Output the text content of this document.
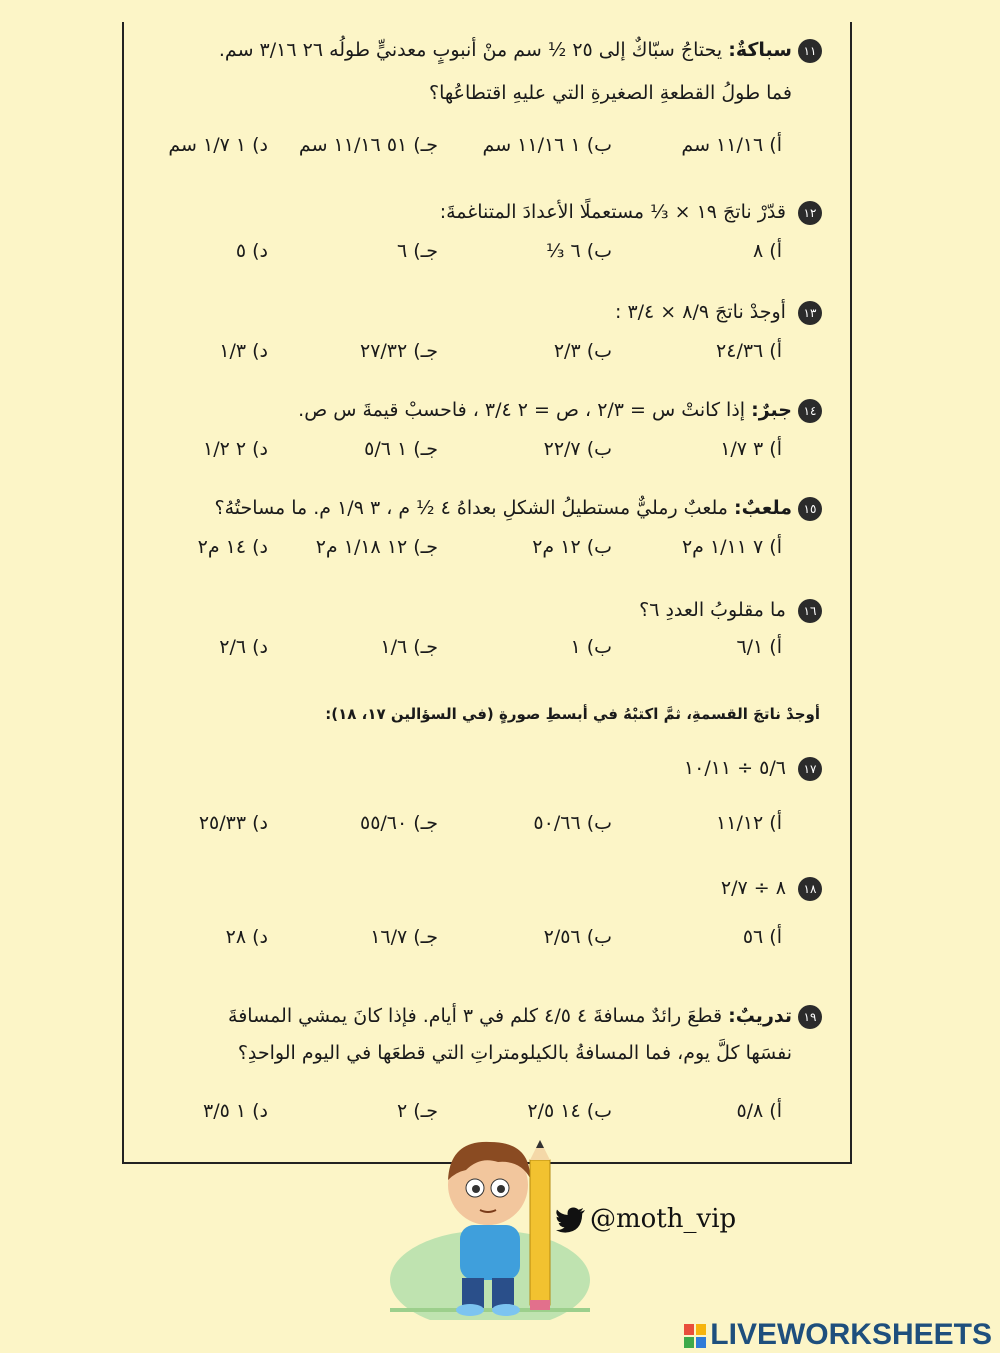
١١سباكةٌ: يحتاجُ سبّاكٌ إلى ٢٥ ½ سم منْ أنبوبٍ معدنيٍّ طولُه ٢٦ ٣/١٦ سم.
فما طولُ القطعةِ الصغيرةِ التي عليهِ اقتطاعُها؟
أ) ١١/١٦ سم
ب) ١ ١١/١٦ سم
جـ) ٥١ ١١/١٦ سم
د) ١ ١/٧ سم
١٢ قدّرْ ناتجَ ١٩ × ⅓ مستعملًا الأعدادَ المتناغمةَ:
أ) ٨
ب) ٦ ⅓
جـ) ٦
د) ٥
١٣ أوجدْ ناتجَ ٨/٩ × ٣/٤ :
أ) ٢٤/٣٦
ب) ٢/٣
جـ) ٢٧/٣٢
د) ١/٣
١٤جبرٌ: إذا كانتْ س = ٢/٣ ، ص = ٢ ٣/٤ ، فاحسبْ قيمةَ س ص.
أ) ٣ ١/٧
ب) ٢٢/٧
جـ) ١ ٥/٦
د) ٢ ١/٢
١٥ملعبٌ: ملعبٌ رمليٌّ مستطيلُ الشكلِ بعداهُ ٤ ½ م ، ٣ ١/٩ م. ما مساحتُهُ؟
أ) ٧ ١/١١ م٢
ب) ١٢ م٢
جـ) ١٢ ١/١٨ م٢
د) ١٤ م٢
١٦ ما مقلوبُ العددِ ٦؟
أ) ٦/١
ب) ١
جـ) ١/٦
د) ٢/٦
أوجدْ ناتجَ القسمةِ، ثمَّ اكتبْهُ في أبسطِ صورةٍ (في السؤالين ١٧، ١٨):
١٧ ٥/٦ ÷ ١٠/١١
أ) ١١/١٢
ب) ٥٠/٦٦
جـ) ٥٥/٦٠
د) ٢٥/٣٣
١٨ ٨ ÷ ٢/٧
أ) ٥٦
ب) ٢/٥٦
جـ) ١٦/٧
د) ٢٨
١٩تدريبٌ: قطعَ رائدٌ مسافةَ ٤ ٤/٥ كلم في ٣ أيام. فإذا كانَ يمشي المسافةَ
نفسَها كلَّ يوم، فما المسافةُ بالكيلومتراتِ التي قطعَها في اليوم الواحدِ؟
أ) ٥/٨
ب) ١٤ ٢/٥
جـ) ٢
د) ١ ٣/٥
@moth_vip
LIVEWORKSHEETS
